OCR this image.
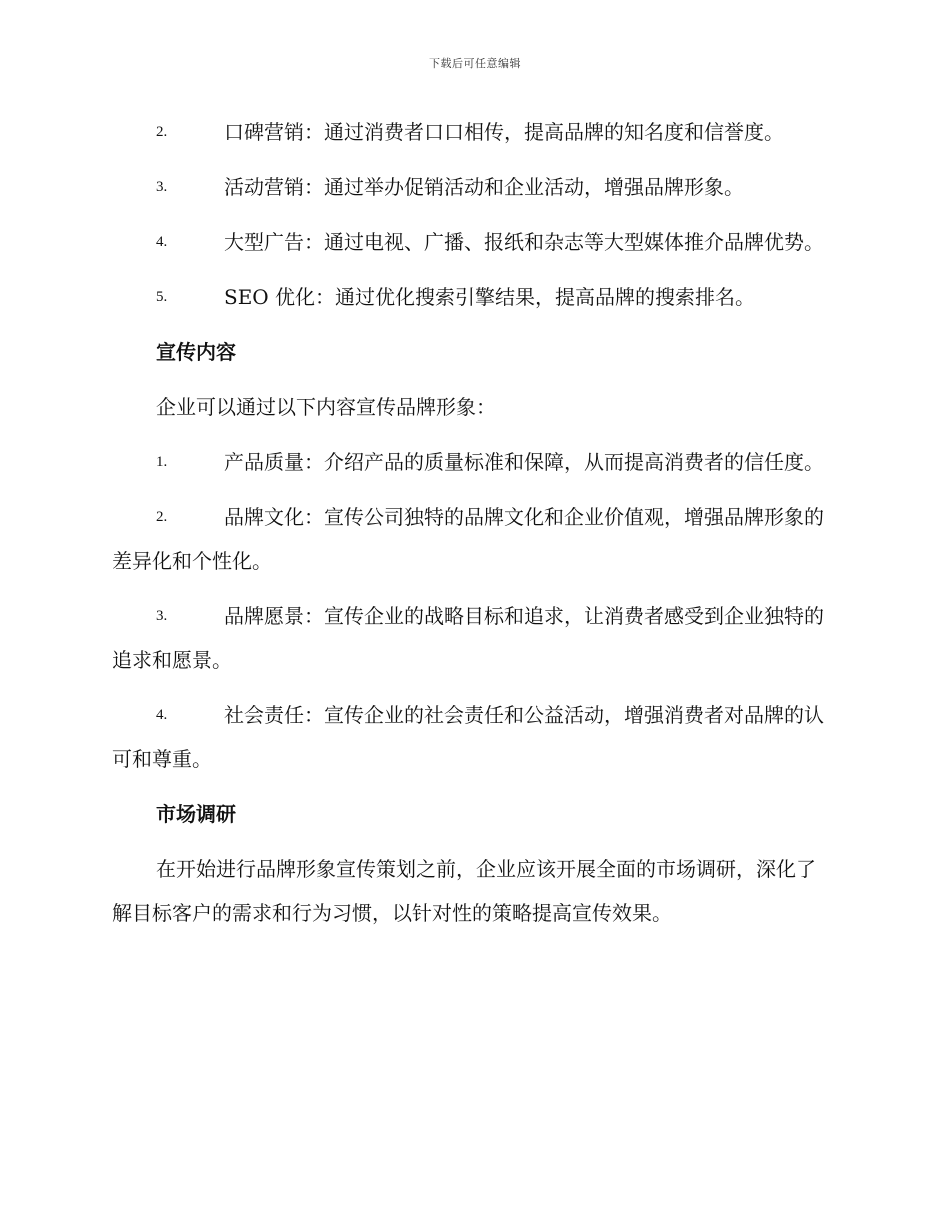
下载后可任意编辑
2.	口碑营销：通过消费者口口相传，提高品牌的知名度和信誉度。
3.	活动营销：通过举办促销活动和企业活动，增强品牌形象。
4.	大型广告：通过电视、广播、报纸和杂志等大型媒体推介品牌优势。
5.	SEO 优化：通过优化搜索引擎结果，提高品牌的搜索排名。
宣传内容
企业可以通过以下内容宣传品牌形象：
1.	产品质量：介绍产品的质量标准和保障，从而提高消费者的信任度。
2.	品牌文化：宣传公司独特的品牌文化和企业价值观，增强品牌形象的差异化和个性化。
3.	品牌愿景：宣传企业的战略目标和追求，让消费者感受到企业独特的追求和愿景。
4.	社会责任：宣传企业的社会责任和公益活动，增强消费者对品牌的认可和尊重。
市场调研
在开始进行品牌形象宣传策划之前，企业应该开展全面的市场调研，深化了解目标客户的需求和行为习惯，以针对性的策略提高宣传效果。
